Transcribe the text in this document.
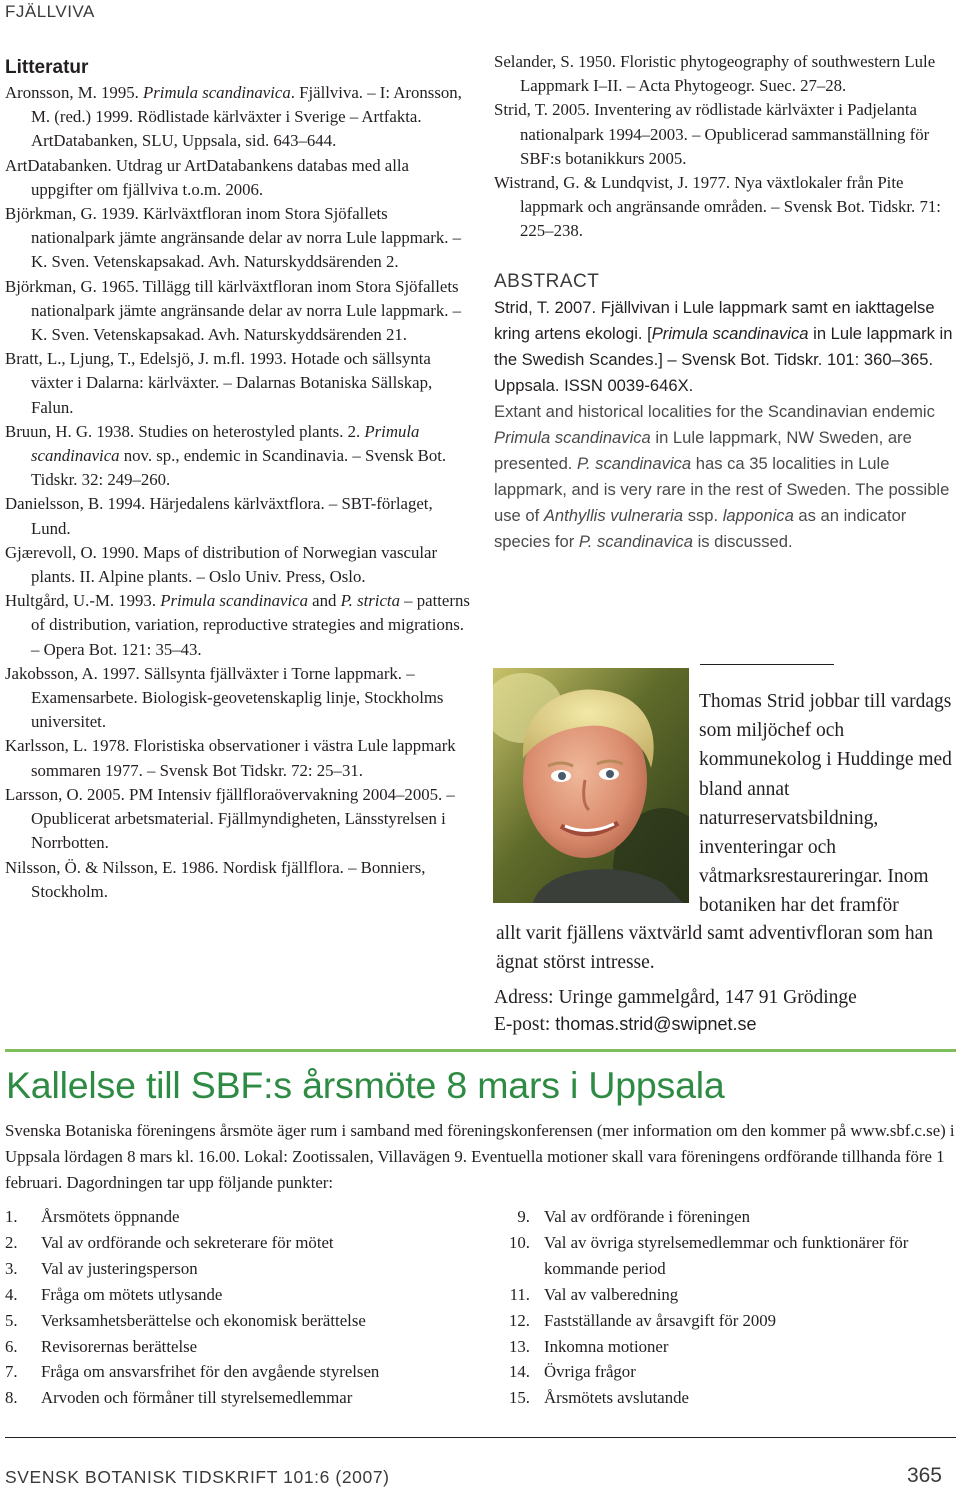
FJÄLLVIVA
Litteratur

Aronsson, M. 1995. Primula scandinavica. Fjällviva. – I: Aronsson, M. (red.) 1999. Rödlistade kärlväxter i Sverige – Artfakta. ArtDatabanken, SLU, Uppsala, sid. 643–644.

ArtDatabanken. Utdrag ur ArtDatabankens databas med alla uppgifter om fjällviva t.o.m. 2006.

Björkman, G. 1939. Kärlväxtfloran inom Stora Sjöfallets nationalpark jämte angränsande delar av norra Lule lappmark. – K. Sven. Vetenskapsakad. Avh. Naturskyddsärenden 2.

Björkman, G. 1965. Tillägg till kärlväxtfloran inom Stora Sjöfallets nationalpark jämte angränsande delar av norra Lule lappmark. – K. Sven. Vetenskapsakad. Avh. Naturskyddsärenden 21.

Bratt, L., Ljung, T., Edelsjö, J. m.fl. 1993. Hotade och sällsynta växter i Dalarna: kärlväxter. – Dalarnas Botaniska Sällskap, Falun.

Bruun, H. G. 1938. Studies on heterostyled plants. 2. Primula scandinavica nov. sp., endemic in Scandinavia. – Svensk Bot. Tidskr. 32: 249–260.

Danielsson, B. 1994. Härjedalens kärlväxtflora. – SBT-förlaget, Lund.

Gjærevoll, O. 1990. Maps of distribution of Norwegian vascular plants. II. Alpine plants. – Oslo Univ. Press, Oslo.

Hultgård, U.-M. 1993. Primula scandinavica and P. stricta – patterns of distribution, variation, reproductive strategies and migrations. – Opera Bot. 121: 35–43.

Jakobsson, A. 1997. Sällsynta fjällväxter i Torne lappmark. – Examensarbete. Biologisk-geovetenskaplig linje, Stockholms universitet.

Karlsson, L. 1978. Floristiska observationer i västra Lule lappmark sommaren 1977. – Svensk Bot Tidskr. 72: 25–31.

Larsson, O. 2005. PM Intensiv fjällfloraövervakning 2004–2005. – Opublicerat arbetsmaterial. Fjällmyndigheten, Länsstyrelsen i Norrbotten.

Nilsson, Ö. & Nilsson, E. 1986. Nordisk fjällflora. – Bonniers, Stockholm.

Selander, S. 1950. Floristic phytogeography of southwestern Lule Lappmark I–II. – Acta Phytogeogr. Suec. 27–28.

Strid, T. 2005. Inventering av rödlistade kärlväxter i Padjelanta nationalpark 1994–2003. – Opublicerad sammanställning för SBF:s botanikkurs 2005.

Wistrand, G. & Lundqvist, J. 1977. Nya växtlokaler från Pite lappmark och angränsande områden. – Svensk Bot. Tidskr. 71: 225–238.

ABSTRACT

Strid, T. 2007. Fjällvivan i Lule lappmark samt en iakttagelse kring artens ekologi. [Primula scandinavica in Lule lappmark in the Swedish Scandes.] – Svensk Bot. Tidskr. 101: 360–365. Uppsala. ISSN 0039-646X.

Extant and historical localities for the Scandinavian endemic Primula scandinavica in Lule lappmark, NW Sweden, are presented. P. scandinavica has ca 35 localities in Lule lappmark, and is very rare in the rest of Sweden. The possible use of Anthyllis vulneraria ssp. lapponica as an indicator species for P. scandinavica is discussed.

Thomas Strid jobbar till vardags som miljöchef och kommunekolog i Huddinge med bland annat naturreservatsbildning, inventeringar och våtmarksrestaureringar. Inom botaniken har det framför

allt varit fjällens växtvärld samt adventivfloran som han ägnat störst intresse.

Adress: Uringe gammelgård, 147 91 Grödinge
E-post: thomas.strid@swipnet.se
Kallelse till SBF:s årsmöte 8 mars i Uppsala

Svenska Botaniska föreningens årsmöte äger rum i samband med föreningskonferensen (mer information om den kommer på www.sbf.c.se) i Uppsala lördagen 8 mars kl. 16.00. Lokal: Zootissalen, Villavägen 9. Eventuella motioner skall vara föreningens ordförande tillhanda före 1 februari. Dagordningen tar upp följande punkter:

1.	Årsmötets öppnande
2.	Val av ordförande och sekreterare för mötet
3.	Val av justeringsperson
4.	Fråga om mötets utlysande
5.	Verksamhetsberättelse och ekonomisk berättelse
6.	Revisorernas berättelse
7.	Fråga om ansvarsfrihet för den avgående styrelsen
8.	Arvoden och förmåner till styrelsemedlemmar
9. Val av ordförande i föreningen
10. Val av övriga styrelsemedlemmar och funktionärer för kommande period
11. Val av valberedning
12. Fastställande av årsavgift för 2009
13. Inkomna motioner
14. Övriga frågor
15. Årsmötets avslutande
SVENSK BOTANISK TIDSKRIFT 101:6 (2007)	365
